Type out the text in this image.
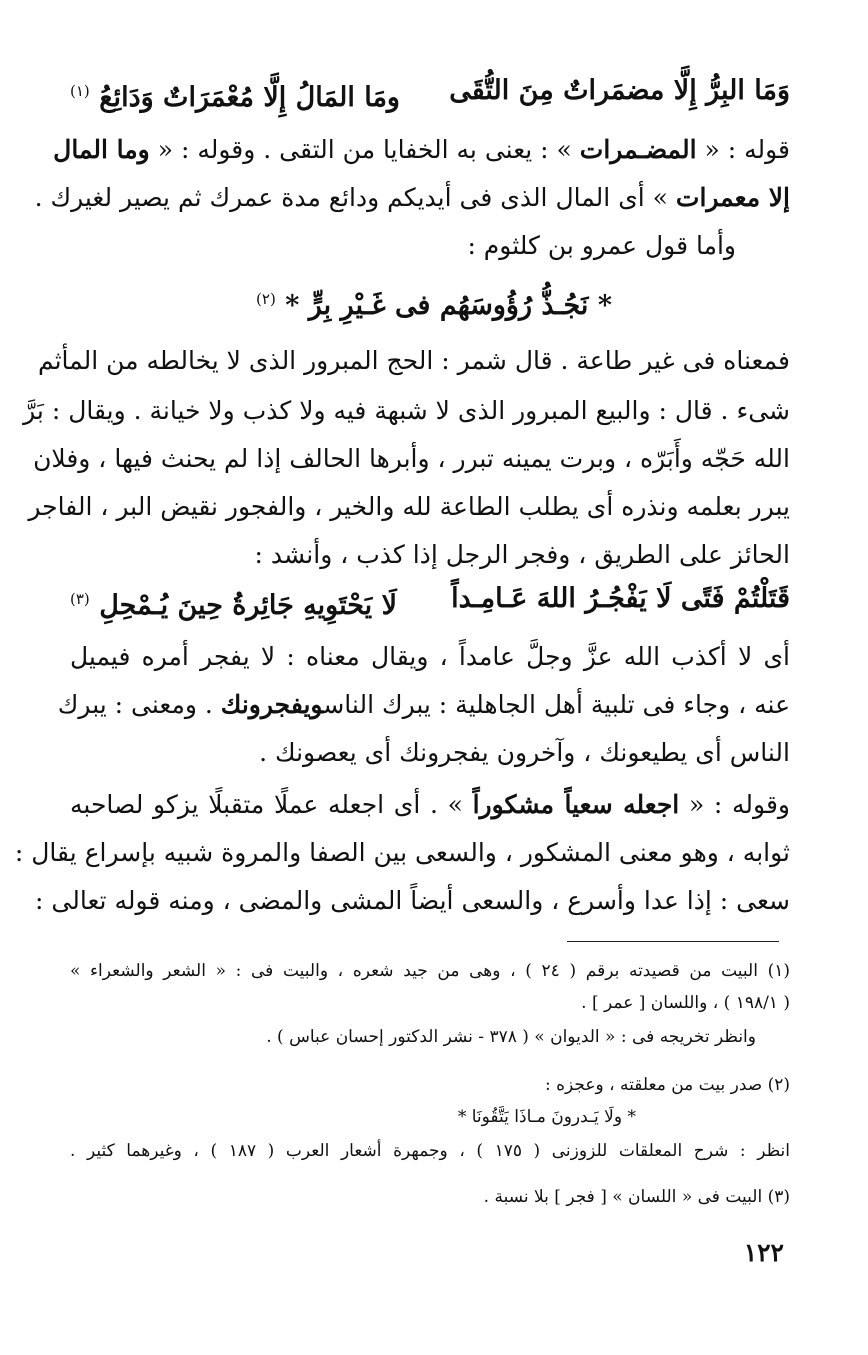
وَمَا البِرُّ إِلَّا مضمَراتٌ مِنَ التُّقَى
ومَا المَالُ إِلَّا مُعْمَرَاتٌ وَدَائِعُ $^{(١)}$
قوله : « المضـمرات » : يعنى به الخفايا من التقى . وقوله : « وما المال
إلا معمرات » أى المال الذى فى أيديكم ودائع مدة عمرك ثم يصير لغيرك .
وأما قول عمرو بن كلثوم :
* نَجُـذُّ رُؤُوسَهُم فى غَـيْرِ بِرٍّ * $^{(٢)}$
فمعناه فى غير طاعة . قال شمر : الحج المبرور الذى لا يخالطه من المأثم
شىء . قال : والبيع المبرور الذى لا شبهة فيه ولا كذب ولا خيانة . ويقال : بَرَّ
الله حَجّه وأَبَرّه ، وبرت يمينه تبرر ، وأبرها الحالف إذا لم يحنث فيها ، وفلان
يبرر بعلمه ونذره أى يطلب الطاعة لله والخير ، والفجور نقيض البر ، الفاجر
الحائز على الطريق ، وفجر الرجل إذا كذب ، وأنشد :
قَتَلْتُمْ فَتًى لَا يَفْجُـرُ اللهَ عَـامِـداً
لَا يَحْتَوِيهِ جَائِرةُ حِينَ يُـمْحِلِ $^{(٣)}$
أى لا أكذب الله عزَّ وجلَّ عامداً ، ويقال معناه : لا يفجر أمره فيميل
عنه ، وجاء فى تلبية أهل الجاهلية : يبرك الناسويفجرونك . ومعنى : يبرك
الناس أى يطيعونك ، وآخرون يفجرونك أى يعصونك .
وقوله : « اجعله سعياً مشكوراً » . أى اجعله عملًا متقبلًا يزكو لصاحبه
ثوابه ، وهو معنى المشكور ، والسعى بين الصفا والمروة شبيه بإسراع يقال :
سعى : إذا عدا وأسرع ، والسعى أيضاً المشى والمضى ، ومنه قوله تعالى :
(١) البيت من قصيدته برقم ( ٢٤ ) ، وهى من جيد شعره ، والبيت فى : « الشعر والشعراء »
( ١٩٨/١ ) ، واللسان [ عمر ] .
وانظر تخريجه فى : « الديوان » ( ٣٧٨ - نشر الدكتور إحسان عباس ) .
(٢) صدر بيت من معلقته ، وعجزه :
* ولَا يَـدرونَ مـاذَا يَتَّقُونَا *
انظر : شرح المعلقات للزوزنى ( ١٧٥ ) ، وجمهرة أشعار العرب ( ١٨٧ ) ، وغيرهما كثير .
(٣) البيت فى « اللسان » [ فجر ] بلا نسبة .
١٢٢
